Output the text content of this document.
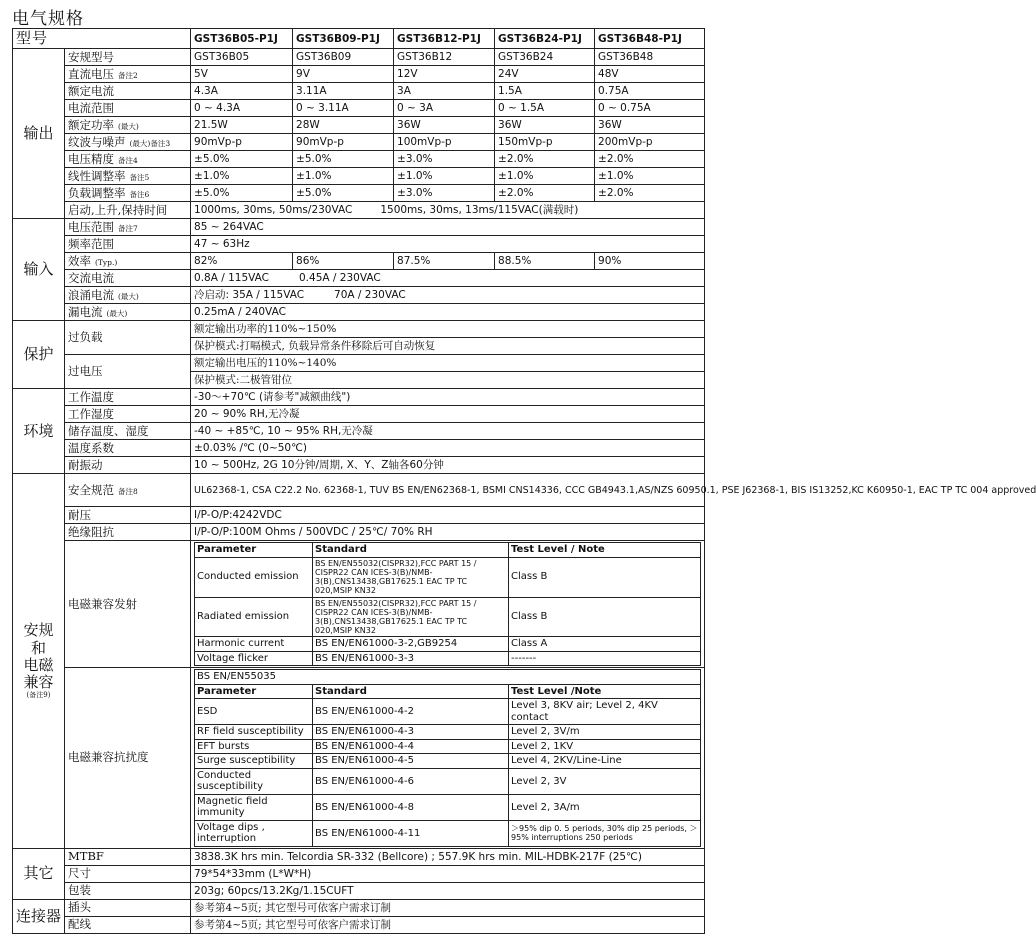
电气规格
型号	GST36B05-P1J	GST36B09-P1J	GST36B12-P1J	GST36B24-P1J	GST36B48-P1J
输出	安规型号	GST36B05	GST36B09	GST36B12	GST36B24	GST36B48
直流电压 备注2	5V	9V	12V	24V	48V
额定电流	4.3A	3.11A	3A	1.5A	0.75A
电流范围	0 ~ 4.3A	0 ~ 3.11A	0 ~ 3A	0 ~ 1.5A	0 ~ 0.75A
额定功率 (最大)	21.5W	28W	36W	36W	36W
纹波与噪声 (最大)备注3	90mVp-p	90mVp-p	100mVp-p	150mVp-p	200mVp-p
电压精度 备注4	±5.0%	±5.0%	±3.0%	±2.0%	±2.0%
线性调整率 备注5	±1.0%	±1.0%	±1.0%	±1.0%	±1.0%
负载调整率 备注6	±5.0%	±5.0%	±3.0%	±2.0%	±2.0%
启动,上升,保持时间	1000ms, 30ms, 50ms/230VAC	1500ms, 30ms, 13ms/115VAC(满载时)
输入	电压范围 备注7	85 ~ 264VAC
频率范围	47 ~ 63Hz
效率 (Typ.)	82%	86%	87.5%	88.5%	90%
交流电流	0.8A / 115VAC	0.45A / 230VAC
浪涌电流 (最大)	冷启动: 35A / 115VAC	70A / 230VAC
漏电流 (最大)	0.25mA / 240VAC
保护	过负载	额定输出功率的110%~150%
保护模式:打嗝模式, 负载异常条件移除后可自动恢复
过电压	额定输出电压的110%~140%
保护模式:二极管钳位
环境	工作温度	-30～+70℃ (请参考"减额曲线")
工作湿度	20 ~ 90% RH,无冷凝
储存温度、湿度	-40 ~ +85℃, 10 ~ 95% RH,无冷凝
温度系数	±0.03% /℃ (0~50℃)
耐振动	10 ~ 500Hz, 2G 10分钟/周期, X、Y、Z轴各60分钟
安规
和
电磁
兼容
(备注9)
	安全规范 备注8	UL62368-1, CSA C22.2 No. 62368-1, TUV BS EN/EN62368-1, BSMI CNS14336, CCC GB4943.1,AS/NZS 60950.1, PSE J62368-1, BIS IS13252,KC K60950-1, EAC TP TC 004 approved
耐压	I/P-O/P:4242VDC
绝缘阻抗	I/P-O/P:100M Ohms / 500VDC / 25℃/ 70% RH
电磁兼容发射	
Parameter	Standard	Test Level / Note
Conducted emission	BS EN/EN55032(CISPR32),FCC PART 15 / CISPR22 CAN ICES-3(B)/NMB-3(B),CNS13438,GB17625.1 EAC TP TC 020,MSIP KN32	Class B
Radiated emission	BS EN/EN55032(CISPR32),FCC PART 15 / CISPR22 CAN ICES-3(B)/NMB-3(B),CNS13438,GB17625.1 EAC TP TC 020,MSIP KN32	Class B
Harmonic current	BS EN/EN61000-3-2,GB9254	Class A
Voltage flicker	BS EN/EN61000-3-3	-------

电磁兼容抗扰度	
BS EN/EN55035
Parameter	Standard	Test Level /Note
ESD	BS EN/EN61000-4-2	Level 3, 8KV air; Level 2, 4KV contact
RF field susceptibility	BS EN/EN61000-4-3	Level 2, 3V/m
EFT bursts	BS EN/EN61000-4-4	Level 2, 1KV
Surge susceptibility	BS EN/EN61000-4-5	Level 4, 2KV/Line-Line
Conducted susceptibility	BS EN/EN61000-4-6	Level 2, 3V
Magnetic field immunity	BS EN/EN61000-4-8	Level 2, 3A/m
Voltage dips , interruption	BS EN/EN61000-4-11	＞95% dip 0. 5 periods, 30% dip 25 periods, ＞95% interruptions 250 periods

其它	MTBF	3838.3K hrs min. Telcordia SR-332 (Bellcore) ; 557.9K hrs min. MIL-HDBK-217F (25℃)
尺寸	79*54*33mm (L*W*H)
包装	203g; 60pcs/13.2Kg/1.15CUFT
连接器	插头	参考第4~5页; 其它型号可依客户需求订制
配线	参考第4~5页; 其它型号可依客户需求订制
